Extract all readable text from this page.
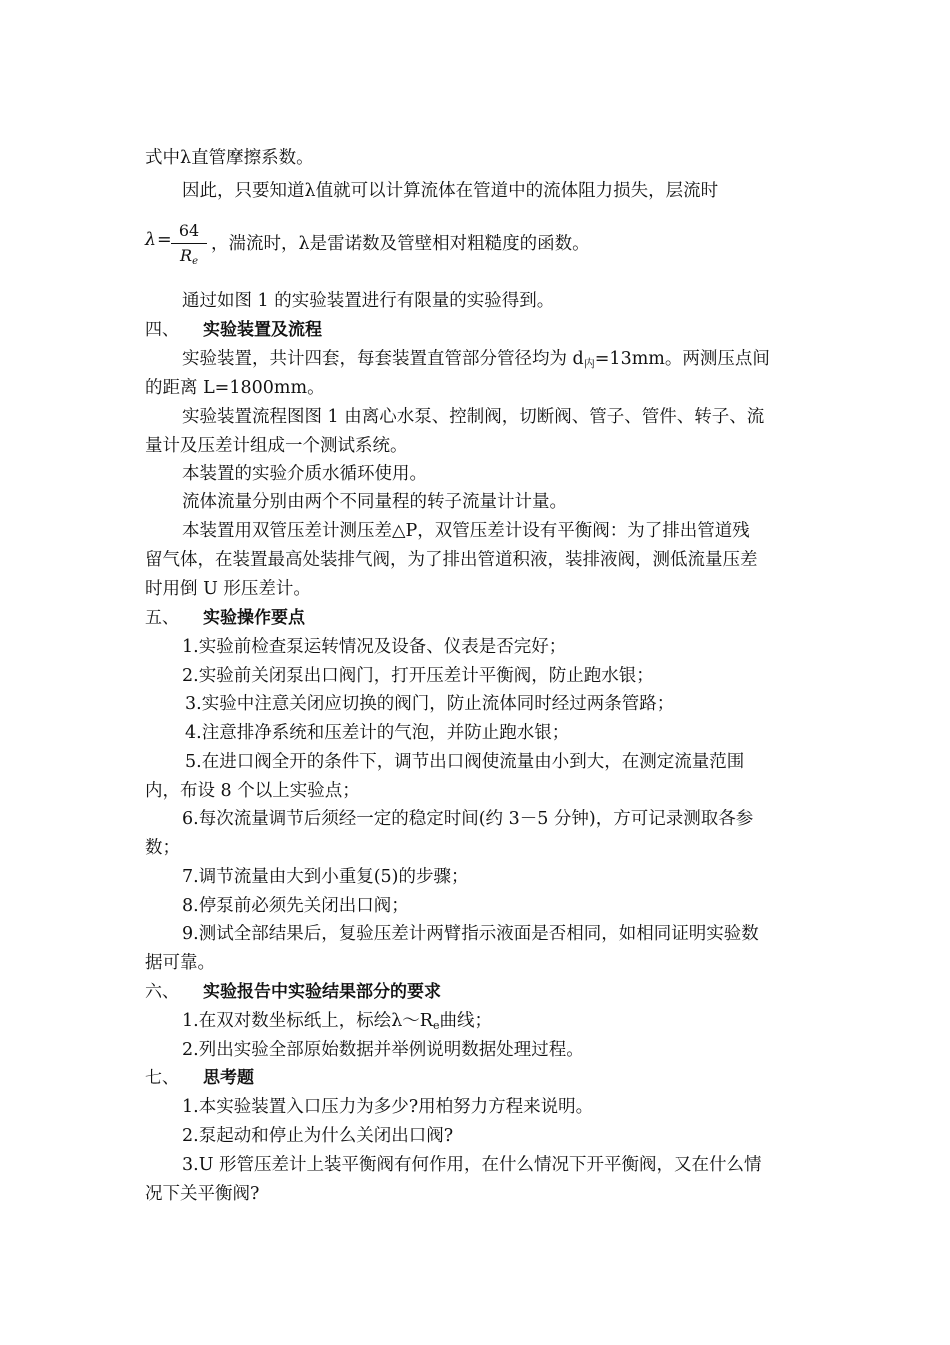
式中λ直管摩擦系数。
因此，只要知道λ值就可以计算流体在管道中的流体阻力损失，层流时
λ = 64
Re
，湍流时，λ是雷诺数及管壁相对粗糙度的函数。
通过如图 1 的实验装置进行有限量的实验得到。
四、 实验装置及流程
实验装置，共计四套，每套装置直管部分管径均为 $d_内=13mm$。两测压点间
的距离 L=1800mm。
实验装置流程图图 1 由离心水泵、控制阀，切断阀、管子、管件、转子、流
量计及压差计组成一个测试系统。
本装置的实验介质水循环使用。
流体流量分别由两个不同量程的转子流量计计量。
本装置用双管压差计测压差△P，双管压差计设有平衡阀：为了排出管道残
留气体，在装置最高处装排气阀，为了排出管道积液，装排液阀，测低流量压差
时用倒 U 形压差计。
五、 实验操作要点
1.实验前检查泵运转情况及设备、仪表是否完好；
2.实验前关闭泵出口阀门，打开压差计平衡阀，防止跑水银；
3.实验中注意关闭应切换的阀门，防止流体同时经过两条管路；
4.注意排净系统和压差计的气泡，并防止跑水银；
5.在进口阀全开的条件下，调节出口阀使流量由小到大，在测定流量范围
内，布设 8 个以上实验点；
6.每次流量调节后须经一定的稳定时间(约 3－5 分钟)，方可记录测取各参
数；
7.调节流量由大到小重复(5)的步骤；
8.停泵前必须先关闭出口阀；
9.测试全部结果后，复验压差计两臂指示液面是否相同，如相同证明实验数
据可靠。
六、 实验报告中实验结果部分的要求
1.在双对数坐标纸上，标绘$\lambda\sim R_e$曲线；
2.列出实验全部原始数据并举例说明数据处理过程。
七、 思考题
1.本实验装置入口压力为多少?用柏努力方程来说明。
2.泵起动和停止为什么关闭出口阀?
3.U 形管压差计上装平衡阀有何作用，在什么情况下开平衡阀，又在什么情
况下关平衡阀?
